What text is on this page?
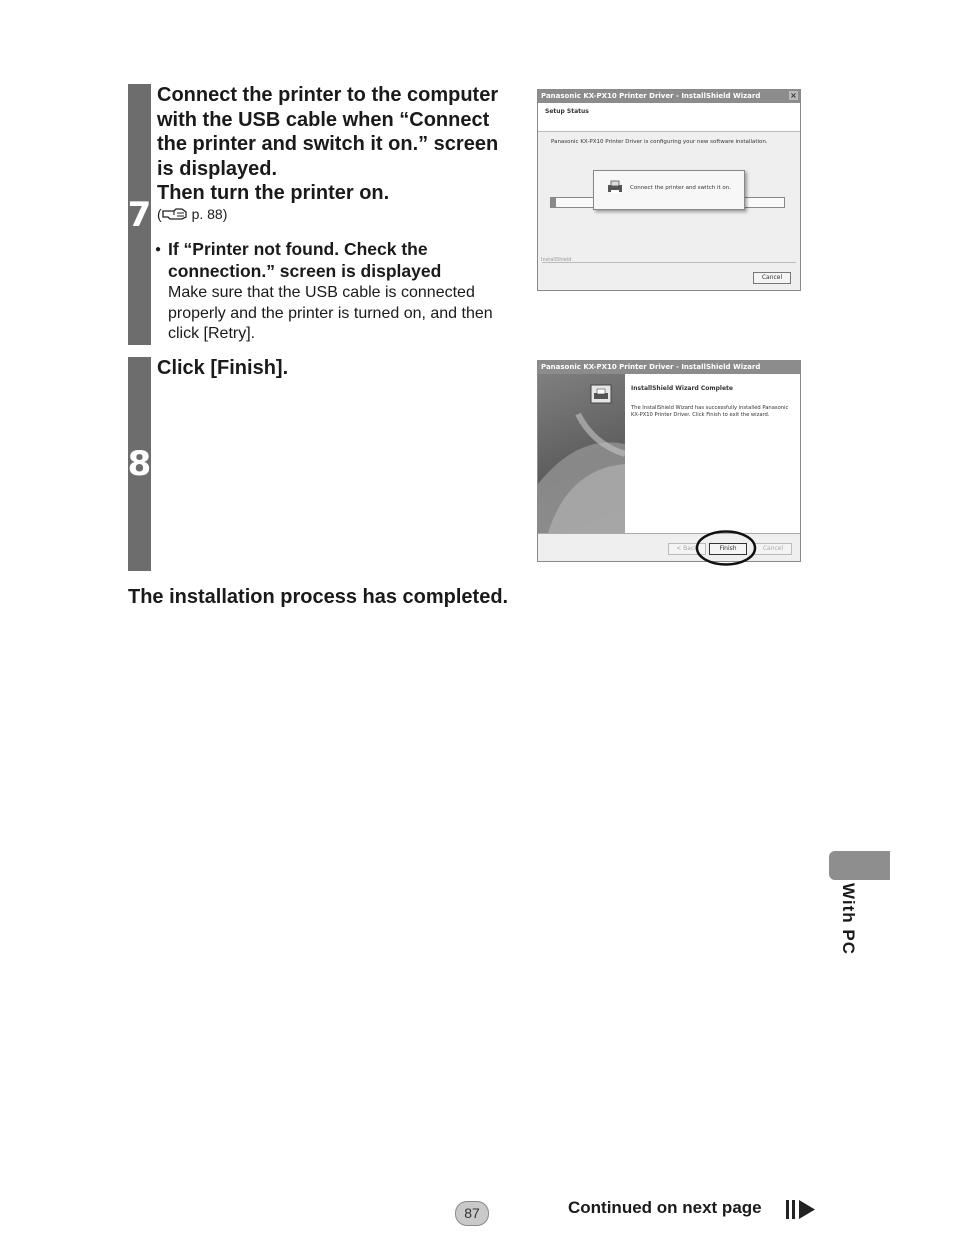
7
Connect the printer to the computer
with the USB cable when “Connect
the printer and switch it on.” screen
is displayed.
Then turn the printer on.
( p. 88)
● If “Printer not found. Check the
connection.” screen is displayed
Make sure that the USB cable is connected
properly and the printer is turned on, and then
click [Retry].
Panasonic KX-PX10 Printer Driver - InstallShield Wizard	×
Setup Status
Panasonic KX-PX10 Printer Driver is configuring your new software installation.
Connect the printer and switch it on.
InstallShield
Cancel
8
Click [Finish].	Panasonic KX-PX10 Printer Driver - InstallShield Wizard
InstallShield Wizard Complete
The InstallShield Wizard has successfully installed Panasonic
KX-PX10 Printer Driver. Click Finish to exit the wizard.
< Back	Finish	Cancel
The installation process has completed.
With PC
87	Continued on next page
